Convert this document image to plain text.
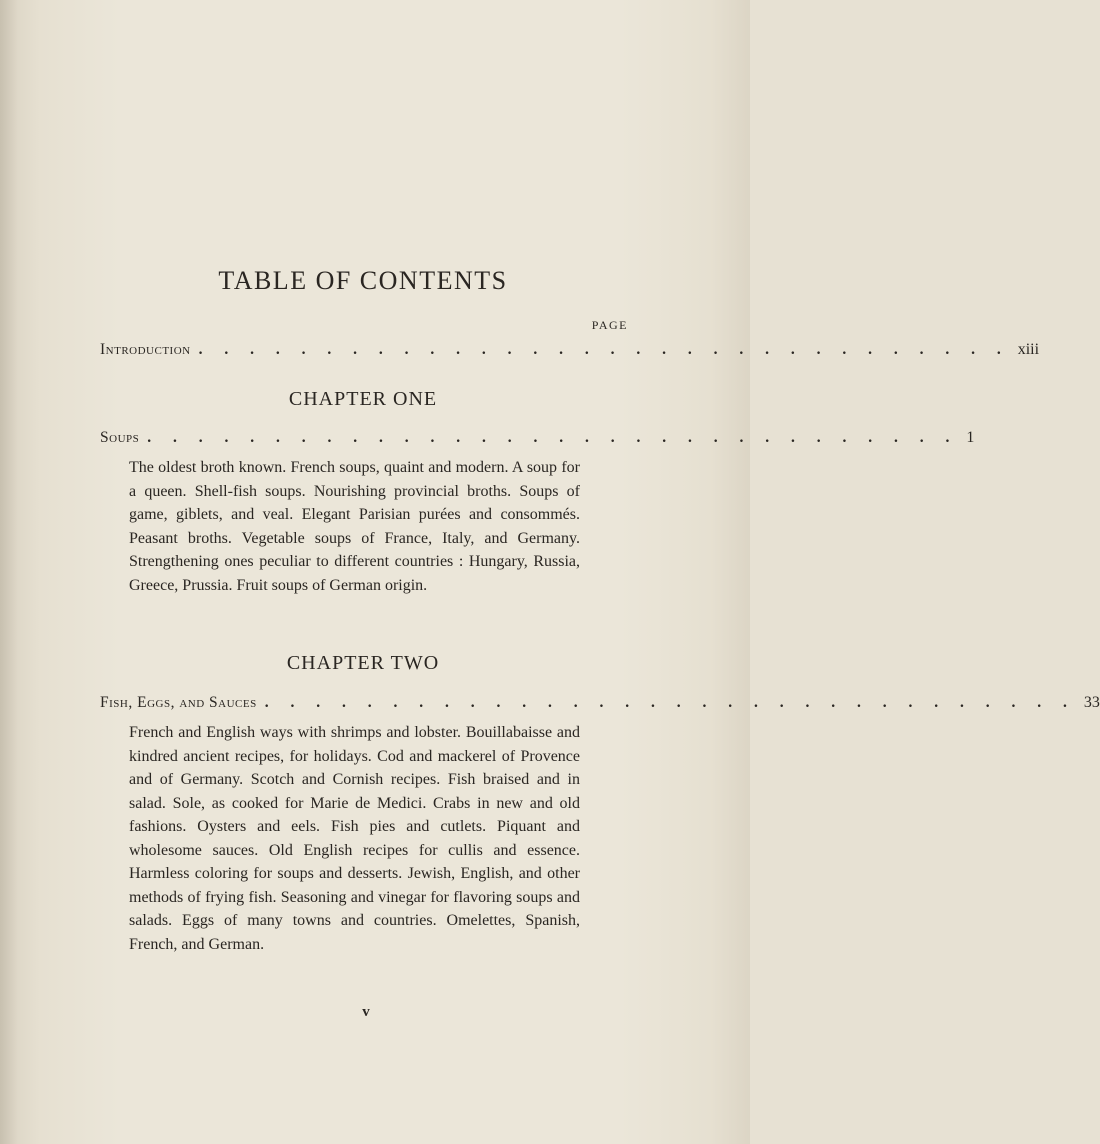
TABLE OF CONTENTS
PAGE
Introduction . . . . . . . . . . . . . . . . . . . . . . . . . . . . . . . . xiii
CHAPTER ONE
Soups . . . . . . . . . . . . . . . . . . . . . . . . . . . . . . . . 1
The oldest broth known. French soups, quaint and modern. A soup for a queen. Shell-fish soups. Nourishing provincial broths. Soups of game, giblets, and veal. Elegant Parisian purées and consommés. Peasant broths. Vegetable soups of France, Italy, and Germany. Strengthening ones peculiar to different countries : Hungary, Russia, Greece, Prussia. Fruit soups of German origin.
CHAPTER TWO
Fish, Eggs, and Sauces . . . . . . . . . . . . . . . . . . . . . . . . . . . . . . . . 33
French and English ways with shrimps and lobster. Bouillabaisse and kindred ancient recipes, for holidays. Cod and mackerel of Provence and of Germany. Scotch and Cornish recipes. Fish braised and in salad. Sole, as cooked for Marie de Medici. Crabs in new and old fashions. Oysters and eels. Fish pies and cutlets. Piquant and wholesome sauces. Old English recipes for cullis and essence. Harmless coloring for soups and desserts. Jewish, English, and other methods of frying fish. Seasoning and vinegar for flavoring soups and salads. Eggs of many towns and countries. Omelettes, Spanish, French, and German.
v
